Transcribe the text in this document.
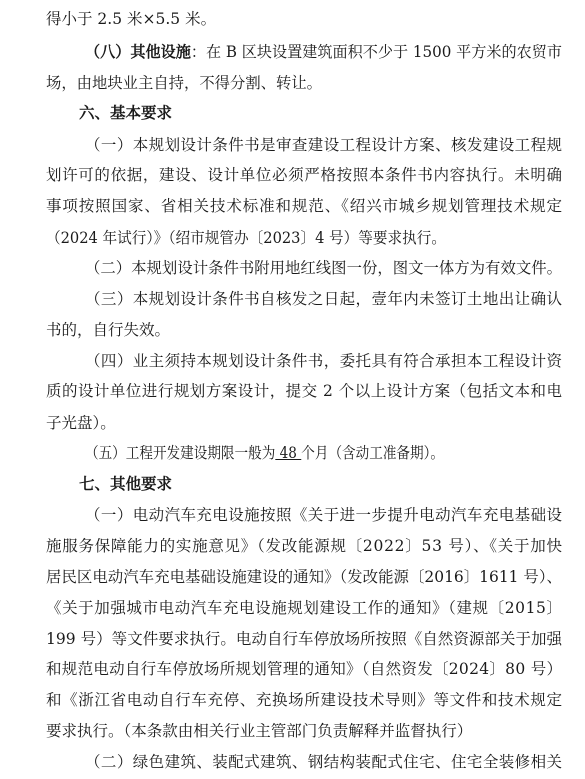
得小于 2.5 米×5.5 米。
（八）其他设施：在 B 区块设置建筑面积不少于 1500 平方米的农贸市
场，由地块业主自持，不得分割、转让。
六、基本要求
（一）本规划设计条件书是审查建设工程设计方案、核发建设工程规
划许可的依据，建设、设计单位必须严格按照本条件书内容执行。未明确
事项按照国家、省相关技术标准和规范、《绍兴市城乡规划管理技术规定
（2024 年试行）》（绍市规管办〔2023〕4 号）等要求执行。
（二）本规划设计条件书附用地红线图一份，图文一体方为有效文件。
（三）本规划设计条件书自核发之日起，壹年内未签订土地出让确认
书的，自行失效。
（四）业主须持本规划设计条件书，委托具有符合承担本工程设计资
质的设计单位进行规划方案设计，提交 2 个以上设计方案（包括文本和电
子光盘）。
（五）工程开发建设期限一般为 48 个月（含动工准备期）。
七、其他要求
（一）电动汽车充电设施按照《关于进一步提升电动汽车充电基础设
施服务保障能力的实施意见》（发改能源规〔2022〕53 号）、《关于加快
居民区电动汽车充电基础设施建设的通知》（发改能源〔2016〕1611 号）、
《关于加强城市电动汽车充电设施规划建设工作的通知》（建规〔2015〕
199 号）等文件要求执行。电动自行车停放场所按照《自然资源部关于加强
和规范电动自行车停放场所规划管理的通知》（自然资发〔2024〕80 号）
和《浙江省电动自行车充停、充换场所建设技术导则》等文件和技术规定
要求执行。（本条款由相关行业主管部门负责解释并监督执行）
（二）绿色建筑、装配式建筑、钢结构装配式住宅、住宅全装修相关
